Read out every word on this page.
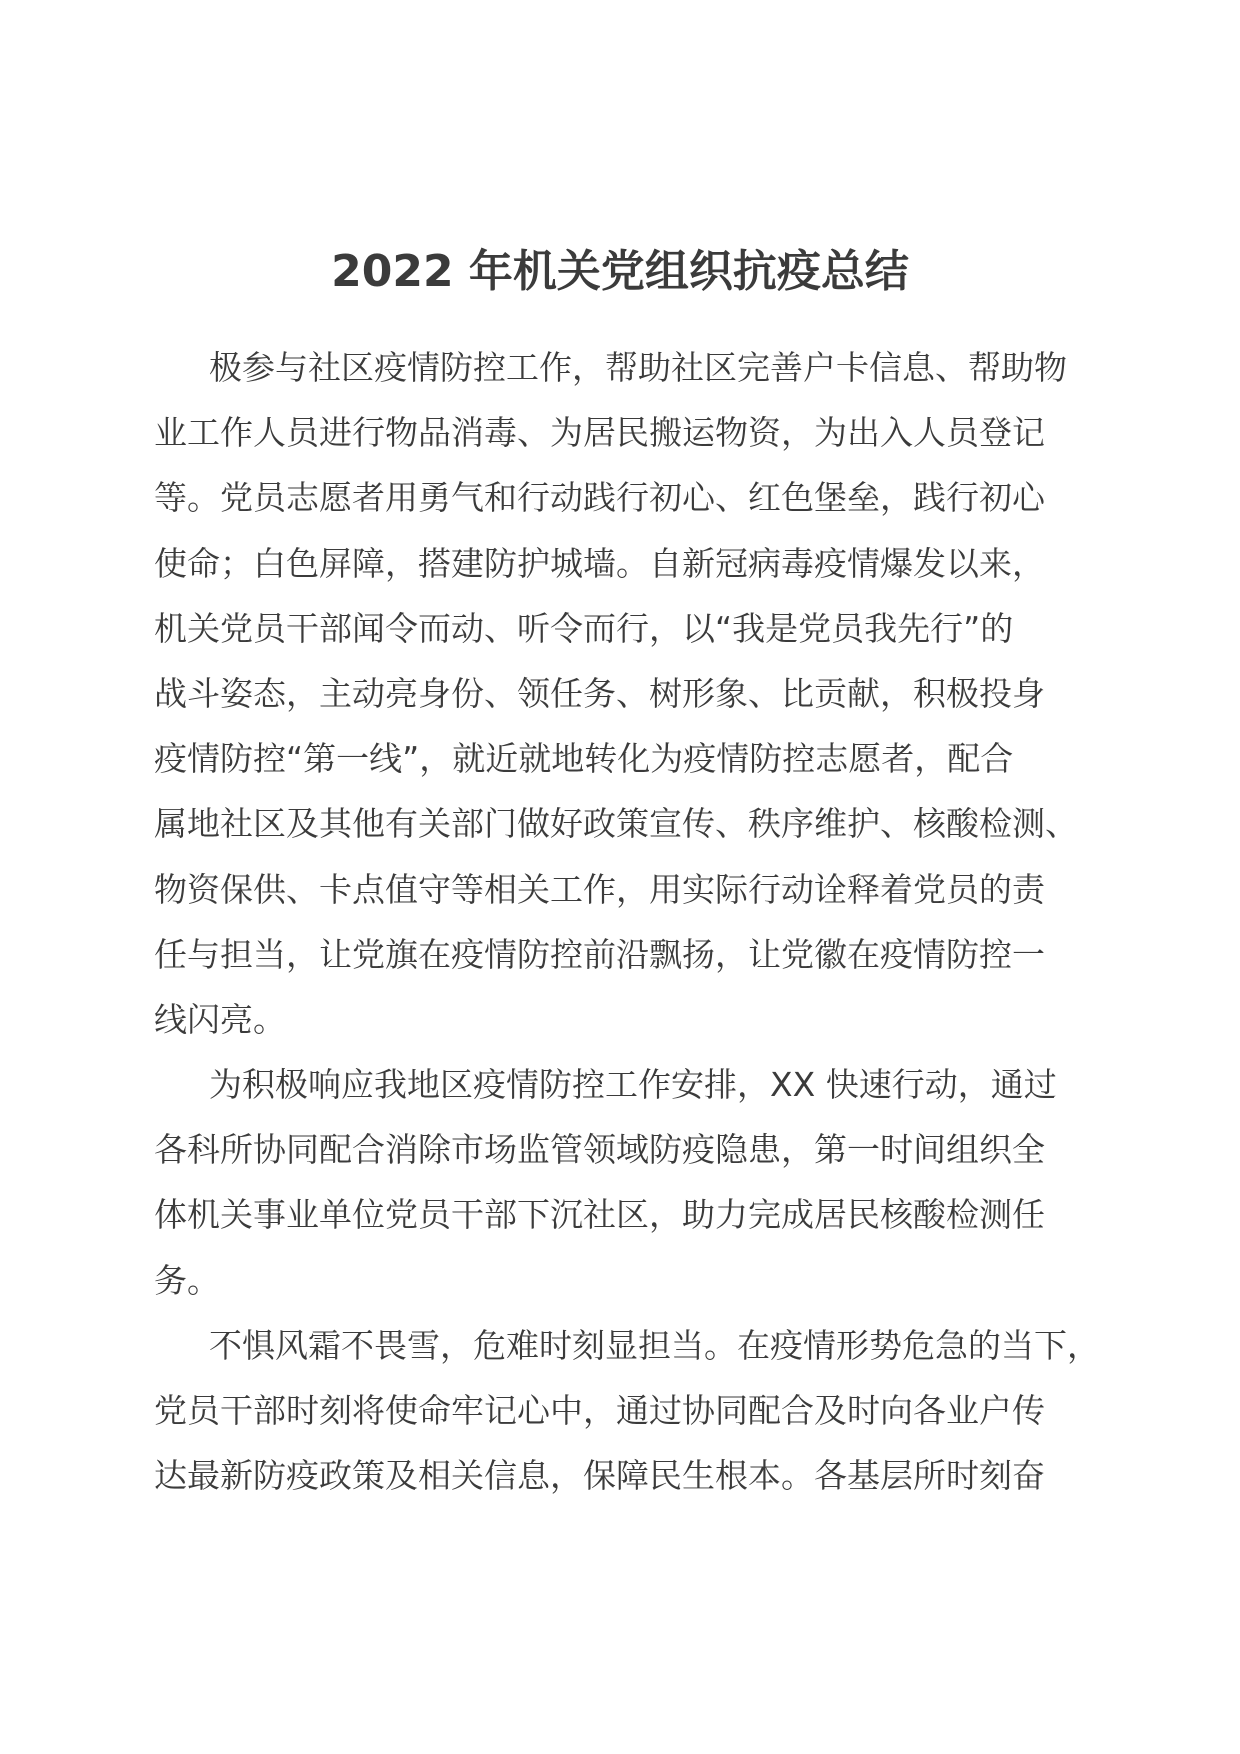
2022 年机关党组织抗疫总结
极参与社区疫情防控工作，帮助社区完善户卡信息、帮助物
业工作人员进行物品消毒、为居民搬运物资，为出入人员登记
等。党员志愿者用勇气和行动践行初心、红色堡垒，践行初心
使命；白色屏障，搭建防护城墙。自新冠病毒疫情爆发以来，
机关党员干部闻令而动、听令而行，以“我是党员我先行”的
战斗姿态，主动亮身份、领任务、树形象、比贡献，积极投身
疫情防控“第一线”，就近就地转化为疫情防控志愿者，配合
属地社区及其他有关部门做好政策宣传、秩序维护、核酸检测、
物资保供、卡点值守等相关工作，用实际行动诠释着党员的责
任与担当，让党旗在疫情防控前沿飘扬，让党徽在疫情防控一
线闪亮。
为积极响应我地区疫情防控工作安排，XX 快速行动，通过
各科所协同配合消除市场监管领域防疫隐患，第一时间组织全
体机关事业单位党员干部下沉社区，助力完成居民核酸检测任
务。
不惧风霜不畏雪，危难时刻显担当。在疫情形势危急的当下，
党员干部时刻将使命牢记心中，通过协同配合及时向各业户传
达最新防疫政策及相关信息，保障民生根本。各基层所时刻奋
